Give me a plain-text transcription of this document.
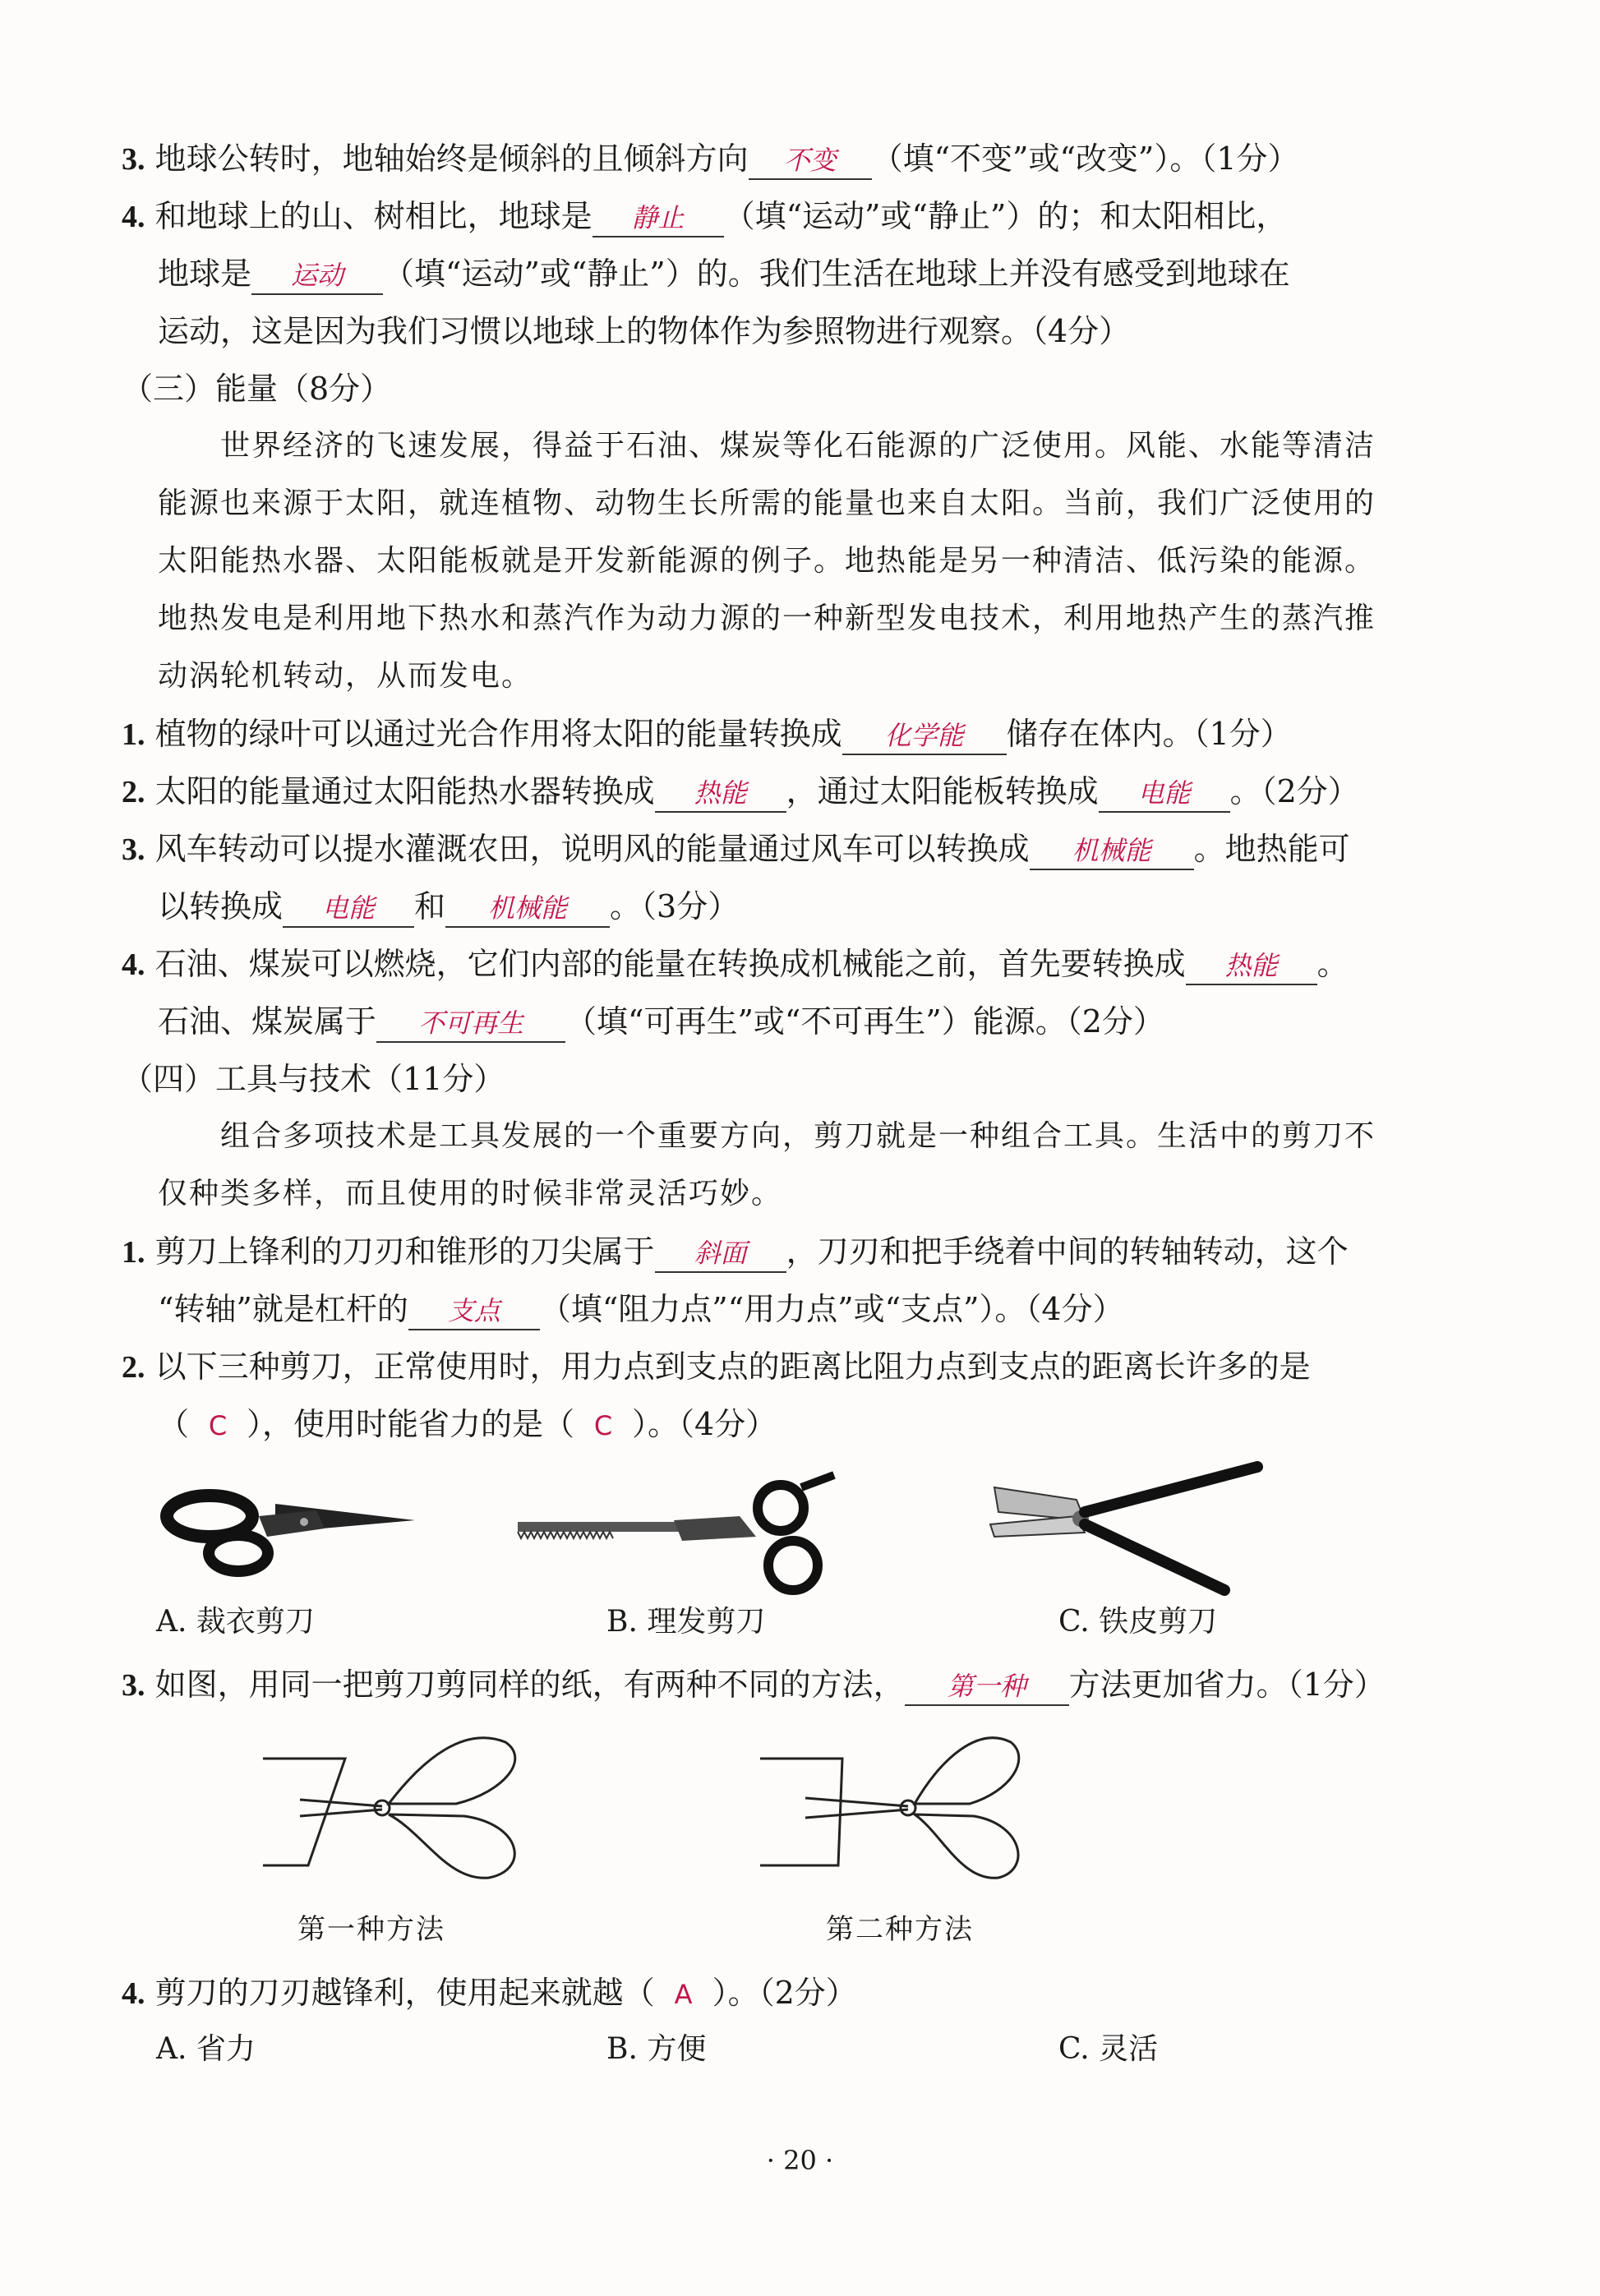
3. 地球公转时，地轴始终是倾斜的且倾斜方向 不变 （填“不变”或“改变”）。（1分）
4. 和地球上的山、树相比，地球是 静止 （填“运动”或“静止”）的；和太阳相比，
地球是 运动 （填“运动”或“静止”）的。我们生活在地球上并没有感受到地球在
运动，这是因为我们习惯以地球上的物体作为参照物进行观察。（4分）
（三）能量（8分）
世界经济的飞速发展，得益于石油、煤炭等化石能源的广泛使用。风能、水能等清洁
能源也来源于太阳，就连植物、动物生长所需的能量也来自太阳。当前，我们广泛使用的
太阳能热水器、太阳能板就是开发新能源的例子。地热能是另一种清洁、低污染的能源。
地热发电是利用地下热水和蒸汽作为动力源的一种新型发电技术，利用地热产生的蒸汽推
动涡轮机转动，从而发电。
1. 植物的绿叶可以通过光合作用将太阳的能量转换成 化学能 储存在体内。（1分）
2. 太阳的能量通过太阳能热水器转换成 热能 ，通过太阳能板转换成 电能 。（2分）
3. 风车转动可以提水灌溉农田，说明风的能量通过风车可以转换成 机械能 。地热能可
以转换成 电能 和 机械能 。（3分）
4. 石油、煤炭可以燃烧，它们内部的能量在转换成机械能之前，首先要转换成 热能 。
石油、煤炭属于 不可再生 （填“可再生”或“不可再生”）能源。（2分）
（四）工具与技术（11分）
组合多项技术是工具发展的一个重要方向，剪刀就是一种组合工具。生活中的剪刀不
仅种类多样，而且使用的时候非常灵活巧妙。
1. 剪刀上锋利的刀刃和锥形的刀尖属于 斜面 ，刀刃和把手绕着中间的转轴转动，这个
“转轴”就是杠杆的 支点 （填“阻力点”“用力点”或“支点”）。（4分）
2. 以下三种剪刀，正常使用时，用力点到支点的距离比阻力点到支点的距离长许多的是
（ C ），使用时能省力的是（ C ）。（4分）
A. 裁衣剪刀	B. 理发剪刀	C. 铁皮剪刀
3. 如图，用同一把剪刀剪同样的纸，有两种不同的方法， 第一种 方法更加省力。（1分）
第一种方法	第二种方法
4. 剪刀的刀刃越锋利，使用起来就越（ A ）。（2分）
A. 省力	B. 方便	C. 灵活
· 20 ·
